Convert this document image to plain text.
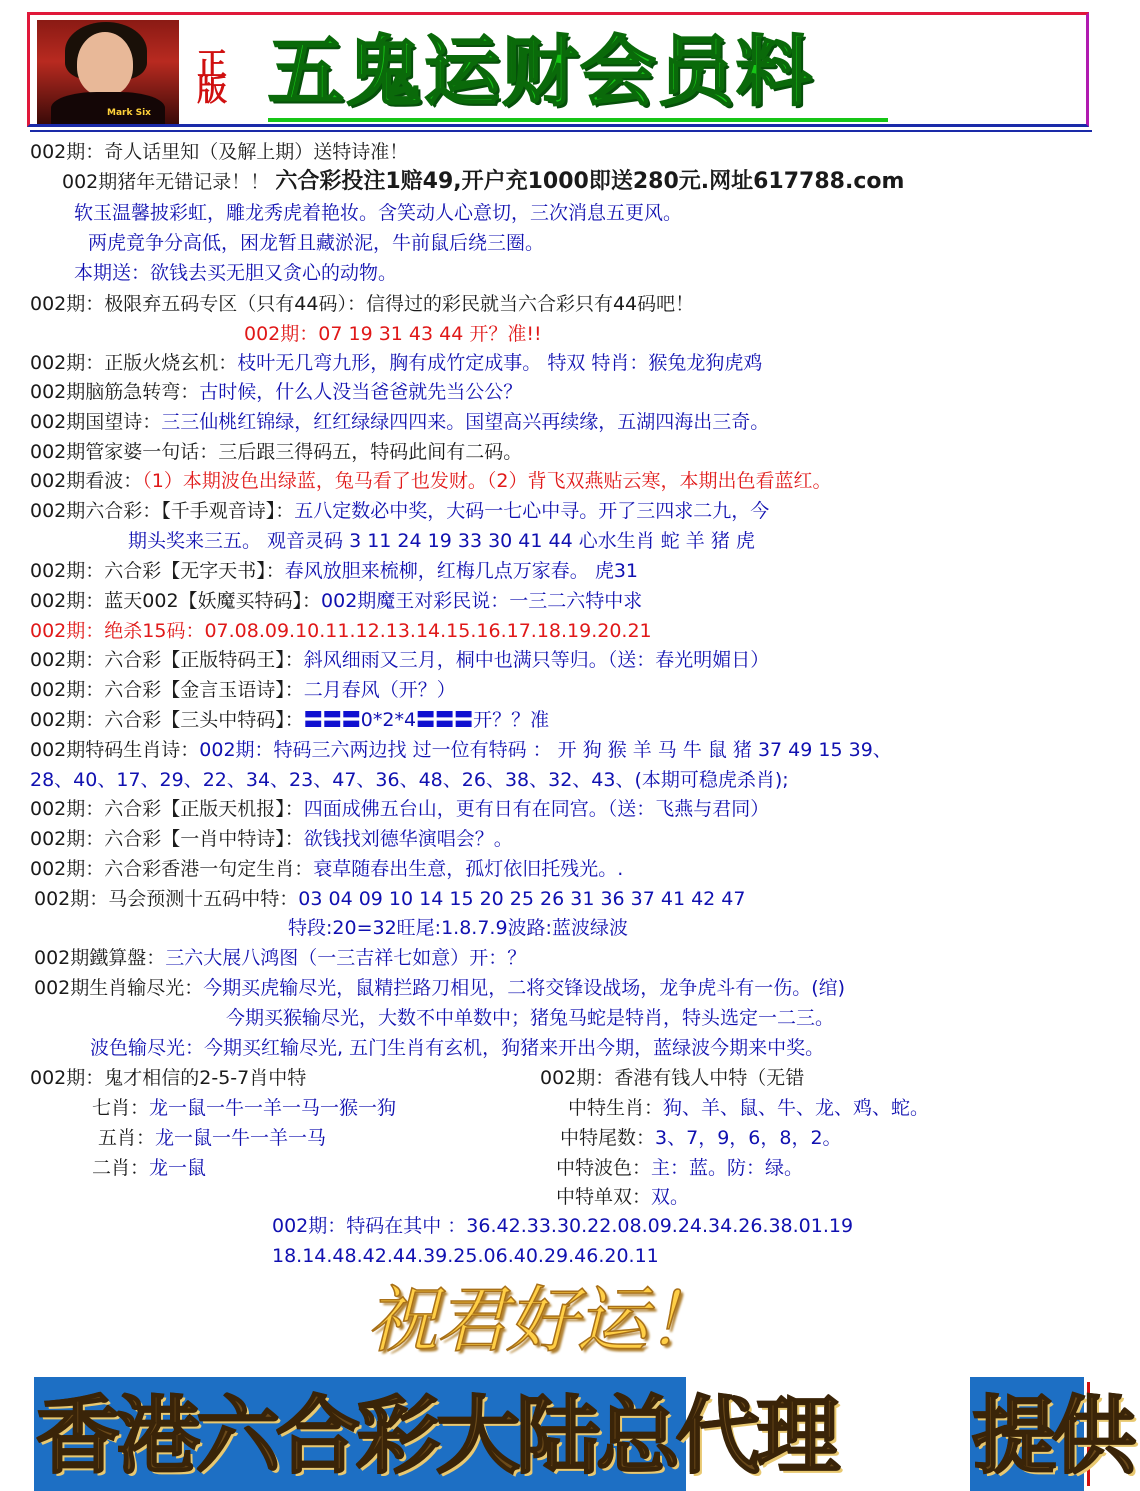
Mark Six
正版 五鬼运财会员料
002期：奇人话里知（及解上期）送特诗准！
002期猪年无错记录！！ 六合彩投注1赔49,开户充1000即送280元.网址617788.com
软玉温馨披彩虹，雕龙秀虎着艳妆。含笑动人心意切，三次消息五更风。
两虎竟争分高低，困龙暂且藏淤泥，牛前鼠后绕三圈。
本期送：欲钱去买无胆又贪心的动物。
002期：极限弃五码专区（只有44码）：信得过的彩民就当六合彩只有44码吧！
002期：07 19 31 43 44 开？准!!
002期：正版火烧玄机：枝叶无几弯九形，胸有成竹定成事。 特双 特肖：猴兔龙狗虎鸡
002期脑筋急转弯：古时候，什么人没当爸爸就先当公公？
002期国望诗：三三仙桃红锦绿，红红绿绿四四来。国望高兴再续缘，五湖四海出三奇。
002期管家婆一句话：三后跟三得码五，特码此间有二码。
002期看波：（1）本期波色出绿蓝，兔马看了也发财。（2）背飞双燕贴云寒，本期出色看蓝红。
002期六合彩：【千手观音诗】：五八定数必中奖，大码一七心中寻。开了三四求二九，今
期头奖来三五。 观音灵码 3 11 24 19 33 30 41 44 心水生肖 蛇 羊 猪 虎
002期：六合彩【无字天书】：春风放胆来梳柳，红梅几点万家春。 虎31
002期：蓝天002【妖魔买特码】：002期魔王对彩民说：一三二六特中求
002期：绝杀15码：07.08.09.10.11.12.13.14.15.16.17.18.19.20.21
002期：六合彩【正版特码王】：斜风细雨又三月，桐中也满只等归。（送：春光明媚日）
002期：六合彩【金言玉语诗】：二月春风（开？）
002期：六合彩【三头中特码】：〓〓〓0*2*4〓〓〓开？？准
002期特码生肖诗：002期：特码三六两边找 过一位有特码 ： 开 狗 猴 羊 马 牛 鼠 猪 37 49 15 39、
28、40、17、29、22、34、23、47、36、48、26、38、32、43、(本期可稳虎杀肖);
002期：六合彩【正版天机报】：四面成佛五台山，更有日有在同宫。（送：飞燕与君同）
002期：六合彩【一肖中特诗】：欲钱找刘德华演唱会？。
002期：六合彩香港一句定生肖：衰草随春出生意，孤灯依旧托残光。.
002期：马会预测十五码中特：03 04 09 10 14 15 20 25 26 31 36 37 41 42 47
特段:20=32旺尾:1.8.7.9波路:蓝波绿波
002期鐵算盤：三六大展八鸿图（一三吉祥七如意）开：？
002期生肖输尽光：今期买虎输尽光，鼠精拦路刀相见，二将交锋设战场，龙争虎斗有一伤。(绾)
今期买猴输尽光，大数不中单数中；猪兔马蛇是特肖，特头选定一二三。
波色输尽光：今期买红输尽光, 五门生肖有玄机，狗猪来开出今期，蓝绿波今期来中奖。
002期：鬼才相信的2-5-7肖中特
七肖：龙一鼠一牛一羊一马一猴一狗
五肖：龙一鼠一牛一羊一马
二肖：龙一鼠
002期：香港有钱人中特（无错
中特生肖：狗、羊、鼠、牛、龙、鸡、蛇。
中特尾数：3、7，9，6，8，2。
中特波色：主：蓝。防：绿。
中特单双：双。
002期：特码在其中 ：36.42.33.30.22.08.09.24.34.26.38.01.19
18.14.48.42.44.39.25.06.40.29.46.20.11
祝君好运！
香港六合彩大陆总代理 提供
